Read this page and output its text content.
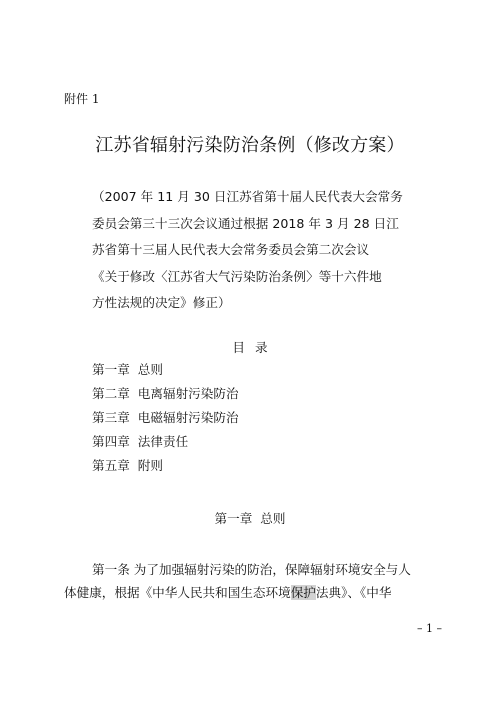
附件 1
江苏省辐射污染防治条例（修改方案）
（2007 年 11 月 30 日江苏省第十届人民代表大会常务
委员会第三十三次会议通过根据 2018 年 3 月 28 日江
苏省第十三届人民代表大会常务委员会第二次会议
《关于修改〈江苏省大气污染防治条例〉等十六件地
方性法规的决定》修正）
目 录
第一章  总则
第二章  电离辐射污染防治
第三章  电磁辐射污染防治
第四章  法律责任
第五章  附则
第一章  总则
第一条 为了加强辐射污染的防治，保障辐射环境安全与人
体健康，根据《中华人民共和国生态环境保护法典》、《中华
– 1 –
